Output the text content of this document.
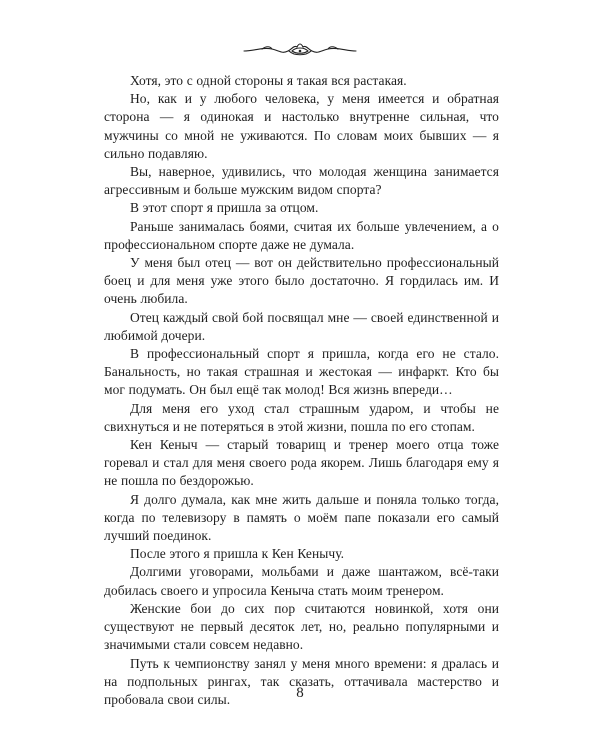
Хотя, это с одной стороны я такая вся растакая.

Но, как и у любого человека, у меня имеется и обратная сторона — я одинокая и настолько внутренне сильная, что мужчины со мной не уживаются. По словам моих бывших — я сильно подавляю.

Вы, наверное, удивились, что молодая женщина занимается агрессивным и больше мужским видом спорта?

В этот спорт я пришла за отцом.

Раньше занималась боями, считая их больше увлечением, а о профессиональном спорте даже не думала.

У меня был отец — вот он действительно профессиональный боец и для меня уже этого было достаточно. Я гордилась им. И очень любила.

Отец каждый свой бой посвящал мне — своей единственной и любимой дочери.

В профессиональный спорт я пришла, когда его не стало. Банальность, но такая страшная и жестокая — инфаркт. Кто бы мог подумать. Он был ещё так молод! Вся жизнь впереди…

Для меня его уход стал страшным ударом, и чтобы не свихнуться и не потеряться в этой жизни, пошла по его стопам.

Кен Кеныч — старый товарищ и тренер моего отца тоже горевал и стал для меня своего рода якорем. Лишь благодаря ему я не пошла по бездорожью.

Я долго думала, как мне жить дальше и поняла только тогда, когда по телевизору в память о моём папе показали его самый лучший поединок.

После этого я пришла к Кен Кенычу.

Долгими уговорами, мольбами и даже шантажом, всё-таки добилась своего и упросила Кеныча стать моим тренером.

Женские бои до сих пор считаются новинкой, хотя они существуют не первый десяток лет, но, реально популярными и значимыми стали совсем недавно.

Путь к чемпионству занял у меня много времени: я дралась и на подпольных рингах, так сказать, оттачивала мастерство и пробовала свои силы.	8
